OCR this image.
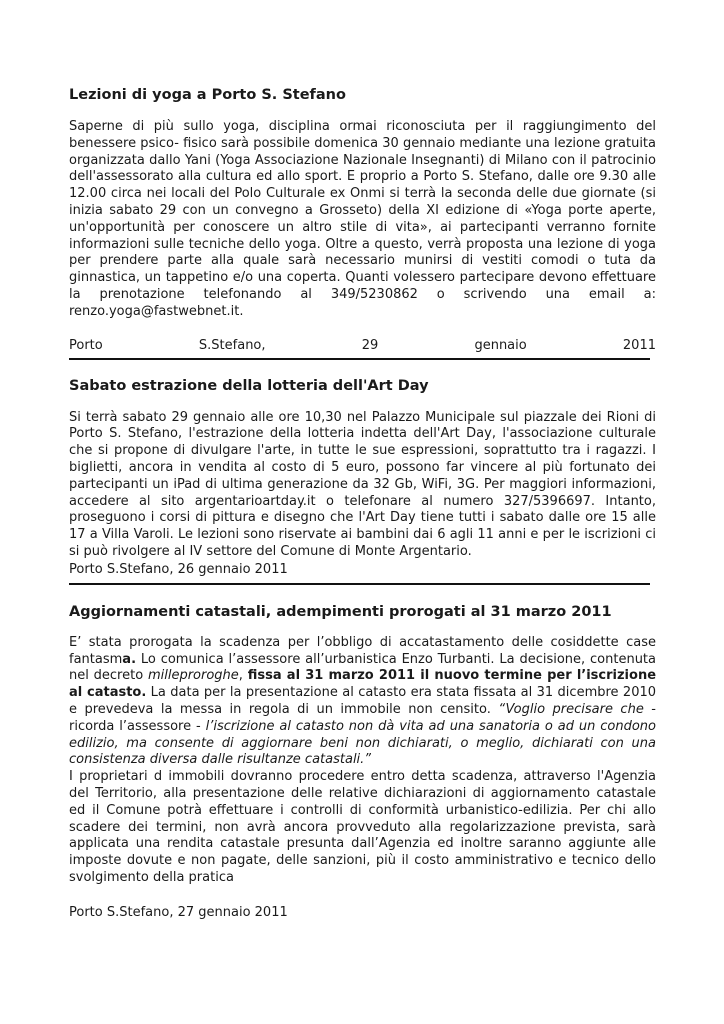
Lezioni di yoga a Porto S. Stefano

Saperne di più sullo yoga, disciplina ormai riconosciuta per il raggiungimento del benessere psico- fisico sarà possibile domenica 30 gennaio mediante una lezione gratuita organizzata dallo Yani (Yoga Associazione Nazionale Insegnanti) di Milano con il patrocinio dell'assessorato alla cultura ed allo sport. E proprio a Porto S. Stefano, dalle ore 9.30 alle 12.00 circa nei locali del Polo Culturale ex Onmi si terrà la seconda delle due giornate (si inizia sabato 29 con un convegno a Grosseto) della XI edizione di «Yoga porte aperte, un'opportunità per conoscere un altro stile di vita», ai partecipanti verranno fornite informazioni sulle tecniche dello yoga. Oltre a questo, verrà proposta una lezione di yoga per prendere parte alla quale sarà necessario munirsi di vestiti comodi o tuta da ginnastica, un tappetino e/o una coperta. Quanti volessero partecipare devono effettuare la prenotazione telefonando al 349/5230862 o scrivendo una email a: renzo.yoga@fastwebnet.it.

Porto	S.Stefano,	29	gennaio	2011
Sabato estrazione della lotteria dell'Art Day

Si terrà sabato 29 gennaio alle ore 10,30 nel Palazzo Municipale sul piazzale dei Rioni di Porto S. Stefano, l'estrazione della lotteria indetta dell'Art Day, l'associazione culturale che si propone di divulgare l'arte, in tutte le sue espressioni, soprattutto tra i ragazzi. I biglietti, ancora in vendita al costo di 5 euro, possono far vincere al più fortunato dei partecipanti un iPad di ultima generazione da 32 Gb, WiFi, 3G. Per maggiori informazioni, accedere al sito argentarioartday.it o telefonare al numero 327/5396697. Intanto, proseguono i corsi di pittura e disegno che l'Art Day tiene tutti i sabato dalle ore 15 alle 17 a Villa Varoli. Le lezioni sono riservate ai bambini dai 6 agli 11 anni e per le iscrizioni ci si può rivolgere al IV settore del Comune di Monte Argentario.

Porto S.Stefano, 26 gennaio 2011

Aggiornamenti catastali, adempimenti prorogati al 31 marzo 2011

E’ stata prorogata la scadenza per l’obbligo di accatastamento delle cosiddette case fantasma. Lo comunica l’assessore all’urbanistica Enzo Turbanti. La decisione, contenuta nel decreto milleproroghe, fissa al 31 marzo 2011 il nuovo termine per l’iscrizione al catasto. La data per la presentazione al catasto era stata fissata al 31 dicembre 2010 e prevedeva la messa in regola di un immobile non censito. “Voglio precisare che - ricorda l’assessore - l’iscrizione al catasto non dà vita ad una sanatoria o ad un condono edilizio, ma consente di aggiornare beni non dichiarati, o meglio, dichiarati con una consistenza diversa dalle risultanze catastali.”

I proprietari d immobili dovranno procedere entro detta scadenza, attraverso l'Agenzia del Territorio, alla presentazione delle relative dichiarazioni di aggiornamento catastale ed il Comune potrà effettuare i controlli di conformità urbanistico-edilizia. Per chi allo scadere dei termini, non avrà ancora provveduto alla regolarizzazione prevista, sarà applicata una rendita catastale presunta dall’Agenzia ed inoltre saranno aggiunte alle imposte dovute e non pagate, delle sanzioni, più il costo amministrativo e tecnico dello svolgimento della pratica

Porto S.Stefano, 27 gennaio 2011
